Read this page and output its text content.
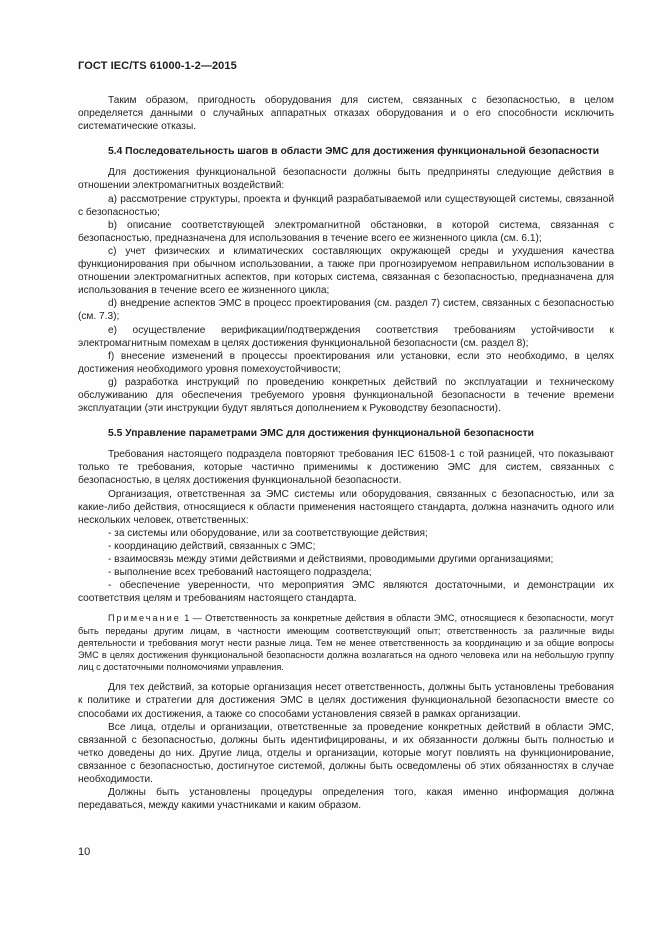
ГОСТ IEC/TS 61000-1-2—2015

Таким образом, пригодность оборудования для систем, связанных с безопасностью, в целом определяется данными о случайных аппаратных отказах оборудования и о его способности исключить систематические отказы.

5.4 Последовательность шагов в области ЭМС для достижения функциональной безопасности

Для достижения функциональной безопасности должны быть предприняты следующие действия в отношении электромагнитных воздействий:

а) рассмотрение структуры, проекта и функций разрабатываемой или существующей системы, связанной с безопасностью;

b) описание соответствующей электромагнитной обстановки, в которой система, связанная с безопасностью, предназначена для использования в течение всего ее жизненного цикла (см. 6.1);

с) учет физических и климатических составляющих окружающей среды и ухудшения качества функционирования при обычном использовании, а также при прогнозируемом неправильном использовании в отношении электромагнитных аспектов, при которых система, связанная с безопасностью, предназначена для использования в течение всего ее жизненного цикла;

d) внедрение аспектов ЭМС в процесс проектирования (см. раздел 7) систем, связанных с безопасностью (см. 7.3);

е) осуществление верификации/подтверждения соответствия требованиям устойчивости к электромагнитным помехам в целях достижения функциональной безопасности (см. раздел 8);

f) внесение изменений в процессы проектирования или установки, если это необходимо, в целях достижения необходимого уровня помехоустойчивости;

g) разработка инструкций по проведению конкретных действий по эксплуатации и техническому обслуживанию для обеспечения требуемого уровня функциональной безопасности в течение времени эксплуатации (эти инструкции будут являться дополнением к Руководству безопасности).

5.5 Управление параметрами ЭМС для достижения функциональной безопасности

Требования настоящего подраздела повторяют требования IEC 61508-1 с той разницей, что показывают только те требования, которые частично применимы к достижению ЭМС для систем, связанных с безопасностью, в целях достижения функциональной безопасности.

Организация, ответственная за ЭМС системы или оборудования, связанных с безопасностью, или за какие-либо действия, относящиеся к области применения настоящего стандарта, должна назначить одного или нескольких человек, ответственных:

- за системы или оборудование, или за соответствующие действия;

- координацию действий, связанных с ЭМС;

- взаимосвязь между этими действиями и действиями, проводимыми другими организациями;

- выполнение всех требований настоящего подраздела;

- обеспечение уверенности, что мероприятия ЭМС являются достаточными, и демонстрации их соответствия целям и требованиям настоящего стандарта.

Примечание 1 — Ответственность за конкретные действия в области ЭМС, относящиеся к безопасности, могут быть переданы другим лицам, в частности имеющим соответствующий опыт; ответственность за различные виды деятельности и требования могут нести разные лица. Тем не менее ответственность за координацию и за общие вопросы ЭМС в целях достижения функциональной безопасности должна возлагаться на одного человека или на небольшую группу лиц с достаточными полномочиями управления.

Для тех действий, за которые организация несет ответственность, должны быть установлены требования к политике и стратегии для достижения ЭМС в целях достижения функциональной безопасности вместе со способами их достижения, а также со способами установления связей в рамках организации.

Все лица, отделы и организации, ответственные за проведение конкретных действий в области ЭМС, связанной с безопасностью, должны быть идентифицированы, и их обязанности должны быть полностью и четко доведены до них. Другие лица, отделы и организации, которые могут повлиять на функционирование, связанное с безопасностью, достигнутое системой, должны быть осведомлены об этих обязанностях в случае необходимости.

Должны быть установлены процедуры определения того, какая именно информация должна передаваться, между какими участниками и каким образом.

10
